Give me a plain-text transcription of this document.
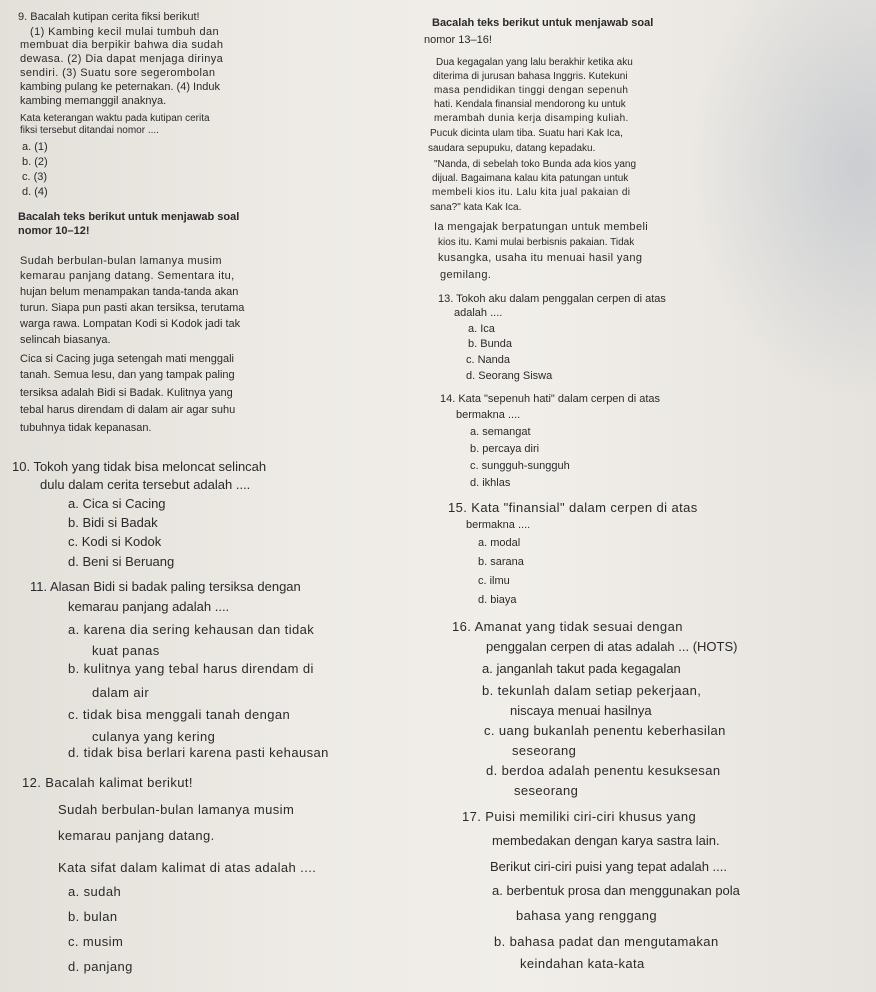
9. Bacalah kutipan cerita fiksi berikut!
(1) Kambing kecil mulai tumbuh dan
membuat dia berpikir bahwa dia sudah
dewasa. (2) Dia dapat menjaga dirinya
sendiri. (3) Suatu sore segerombolan
kambing pulang ke peternakan. (4) Induk
kambing memanggil anaknya.
Kata keterangan waktu pada kutipan cerita
fiksi tersebut ditandai nomor ....
a. (1)
b. (2)
c. (3)
d. (4)
Bacalah teks berikut untuk menjawab soal
nomor 10–12!
Sudah berbulan-bulan lamanya musim
kemarau panjang datang. Sementara itu,
hujan belum menampakan tanda-tanda akan
turun. Siapa pun pasti akan tersiksa, terutama
warga rawa. Lompatan Kodi si Kodok jadi tak
selincah biasanya.
Cica si Cacing juga setengah mati menggali
tanah. Semua lesu, dan yang tampak paling
tersiksa adalah Bidi si Badak. Kulitnya yang
tebal harus direndam di dalam air agar suhu
tubuhnya tidak kepanasan.
10. Tokoh yang tidak bisa meloncat selincah
dulu dalam cerita tersebut adalah ....
a. Cica si Cacing
b. Bidi si Badak
c. Kodi si Kodok
d. Beni si Beruang
11. Alasan Bidi si badak paling tersiksa dengan
kemarau panjang adalah ....
a. karena dia sering kehausan dan tidak
kuat panas
b. kulitnya yang tebal harus direndam di
dalam air
c. tidak bisa menggali tanah dengan
culanya yang kering
d. tidak bisa berlari karena pasti kehausan
12. Bacalah kalimat berikut!
Sudah berbulan-bulan lamanya musim
kemarau panjang datang.
Kata sifat dalam kalimat di atas adalah ....
a. sudah
b. bulan
c. musim
d. panjang
Bacalah teks berikut untuk menjawab soal
nomor 13–16!
Dua kegagalan yang lalu berakhir ketika aku
diterima di jurusan bahasa Inggris. Kutekuni
masa pendidikan tinggi dengan sepenuh
hati. Kendala finansial mendorong ku untuk
merambah dunia kerja disamping kuliah.
Pucuk dicinta ulam tiba. Suatu hari Kak Ica,
saudara sepupuku, datang kepadaku.
"Nanda, di sebelah toko Bunda ada kios yang
dijual. Bagaimana kalau kita patungan untuk
membeli kios itu. Lalu kita jual pakaian di
sana?" kata Kak Ica.
Ia mengajak berpatungan untuk membeli
kios itu. Kami mulai berbisnis pakaian. Tidak
kusangka, usaha itu menuai hasil yang
gemilang.
13. Tokoh aku dalam penggalan cerpen di atas
adalah ....
a. Ica
b. Bunda
c. Nanda
d. Seorang Siswa
14. Kata "sepenuh hati" dalam cerpen di atas
bermakna ....
a. semangat
b. percaya diri
c. sungguh-sungguh
d. ikhlas
15. Kata "finansial" dalam cerpen di atas
bermakna ....
a. modal
b. sarana
c. ilmu
d. biaya
16. Amanat yang tidak sesuai dengan
penggalan cerpen di atas adalah ... (HOTS)
a. janganlah takut pada kegagalan
b. tekunlah dalam setiap pekerjaan,
niscaya menuai hasilnya
c. uang bukanlah penentu keberhasilan
seseorang
d. berdoa adalah penentu kesuksesan
seseorang
17. Puisi memiliki ciri-ciri khusus yang
membedakan dengan karya sastra lain.
Berikut ciri-ciri puisi yang tepat adalah ....
a. berbentuk prosa dan menggunakan pola
bahasa yang renggang
b. bahasa padat dan mengutamakan
keindahan kata-kata
